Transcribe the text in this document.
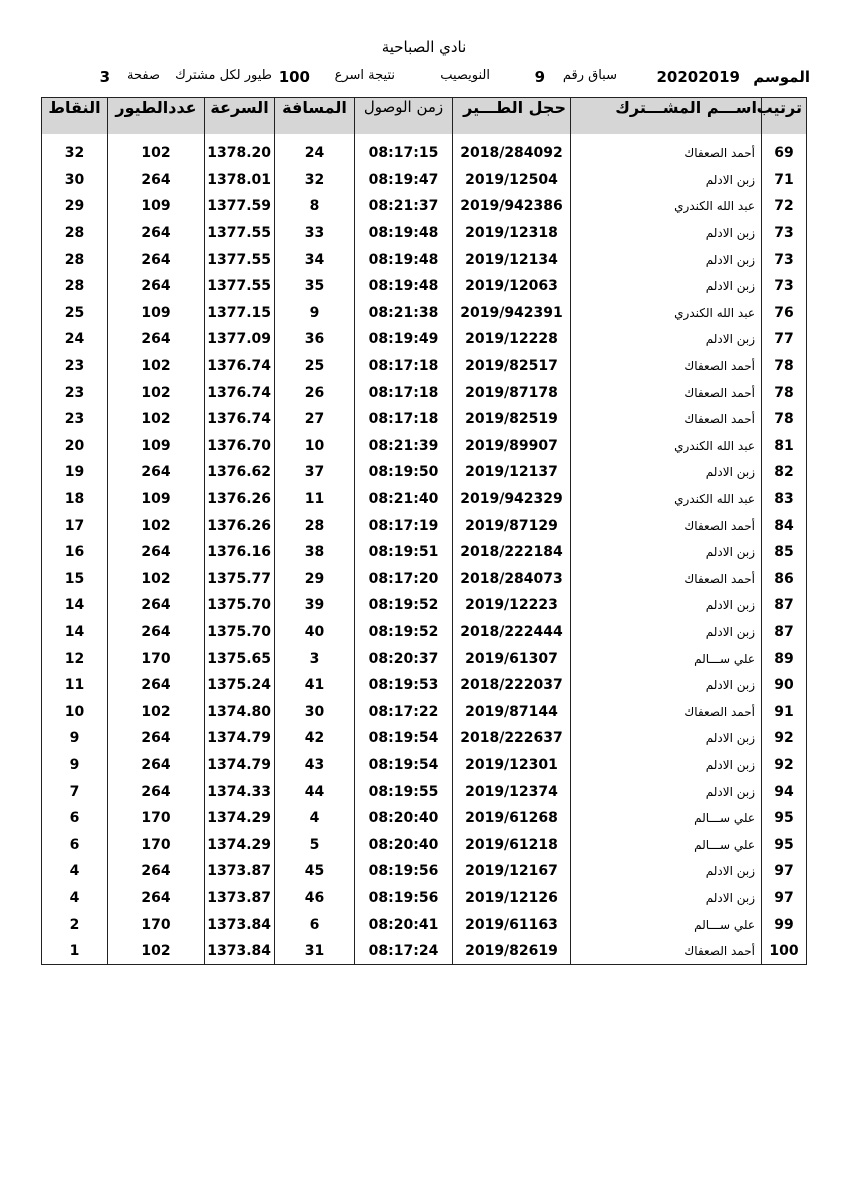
نادي الصباحية
الموسم
20202019
سباق رقم
9
النويصيب
نتيجة اسرع
100
طيور لكل مشترك
صفحة
3
ترتيب	اســـم المشـــترك	حجل الطـــير	زمن الوصول	المسافة	السرعة	عددالطيور	النقاط

69	أحمد الصعفاك	2018/284092	08:17:15	24	1378.20	102	32
71	زبن الادلم	2019/12504	08:19:47	32	1378.01	264	30
72	عبد الله الكندري	2019/942386	08:21:37	8	1377.59	109	29
73	زبن الادلم	2019/12318	08:19:48	33	1377.55	264	28
73	زبن الادلم	2019/12134	08:19:48	34	1377.55	264	28
73	زبن الادلم	2019/12063	08:19:48	35	1377.55	264	28
76	عبد الله الكندري	2019/942391	08:21:38	9	1377.15	109	25
77	زبن الادلم	2019/12228	08:19:49	36	1377.09	264	24
78	أحمد الصعفاك	2019/82517	08:17:18	25	1376.74	102	23
78	أحمد الصعفاك	2019/87178	08:17:18	26	1376.74	102	23
78	أحمد الصعفاك	2019/82519	08:17:18	27	1376.74	102	23
81	عبد الله الكندري	2019/89907	08:21:39	10	1376.70	109	20
82	زبن الادلم	2019/12137	08:19:50	37	1376.62	264	19
83	عبد الله الكندري	2019/942329	08:21:40	11	1376.26	109	18
84	أحمد الصعفاك	2019/87129	08:17:19	28	1376.26	102	17
85	زبن الادلم	2018/222184	08:19:51	38	1376.16	264	16
86	أحمد الصعفاك	2018/284073	08:17:20	29	1375.77	102	15
87	زبن الادلم	2019/12223	08:19:52	39	1375.70	264	14
87	زبن الادلم	2018/222444	08:19:52	40	1375.70	264	14
89	علي ســـالم	2019/61307	08:20:37	3	1375.65	170	12
90	زبن الادلم	2018/222037	08:19:53	41	1375.24	264	11
91	أحمد الصعفاك	2019/87144	08:17:22	30	1374.80	102	10
92	زبن الادلم	2018/222637	08:19:54	42	1374.79	264	9
92	زبن الادلم	2019/12301	08:19:54	43	1374.79	264	9
94	زبن الادلم	2019/12374	08:19:55	44	1374.33	264	7
95	علي ســـالم	2019/61268	08:20:40	4	1374.29	170	6
95	علي ســـالم	2019/61218	08:20:40	5	1374.29	170	6
97	زبن الادلم	2019/12167	08:19:56	45	1373.87	264	4
97	زبن الادلم	2019/12126	08:19:56	46	1373.87	264	4
99	علي ســـالم	2019/61163	08:20:41	6	1373.84	170	2
100	أحمد الصعفاك	2019/82619	08:17:24	31	1373.84	102	1
